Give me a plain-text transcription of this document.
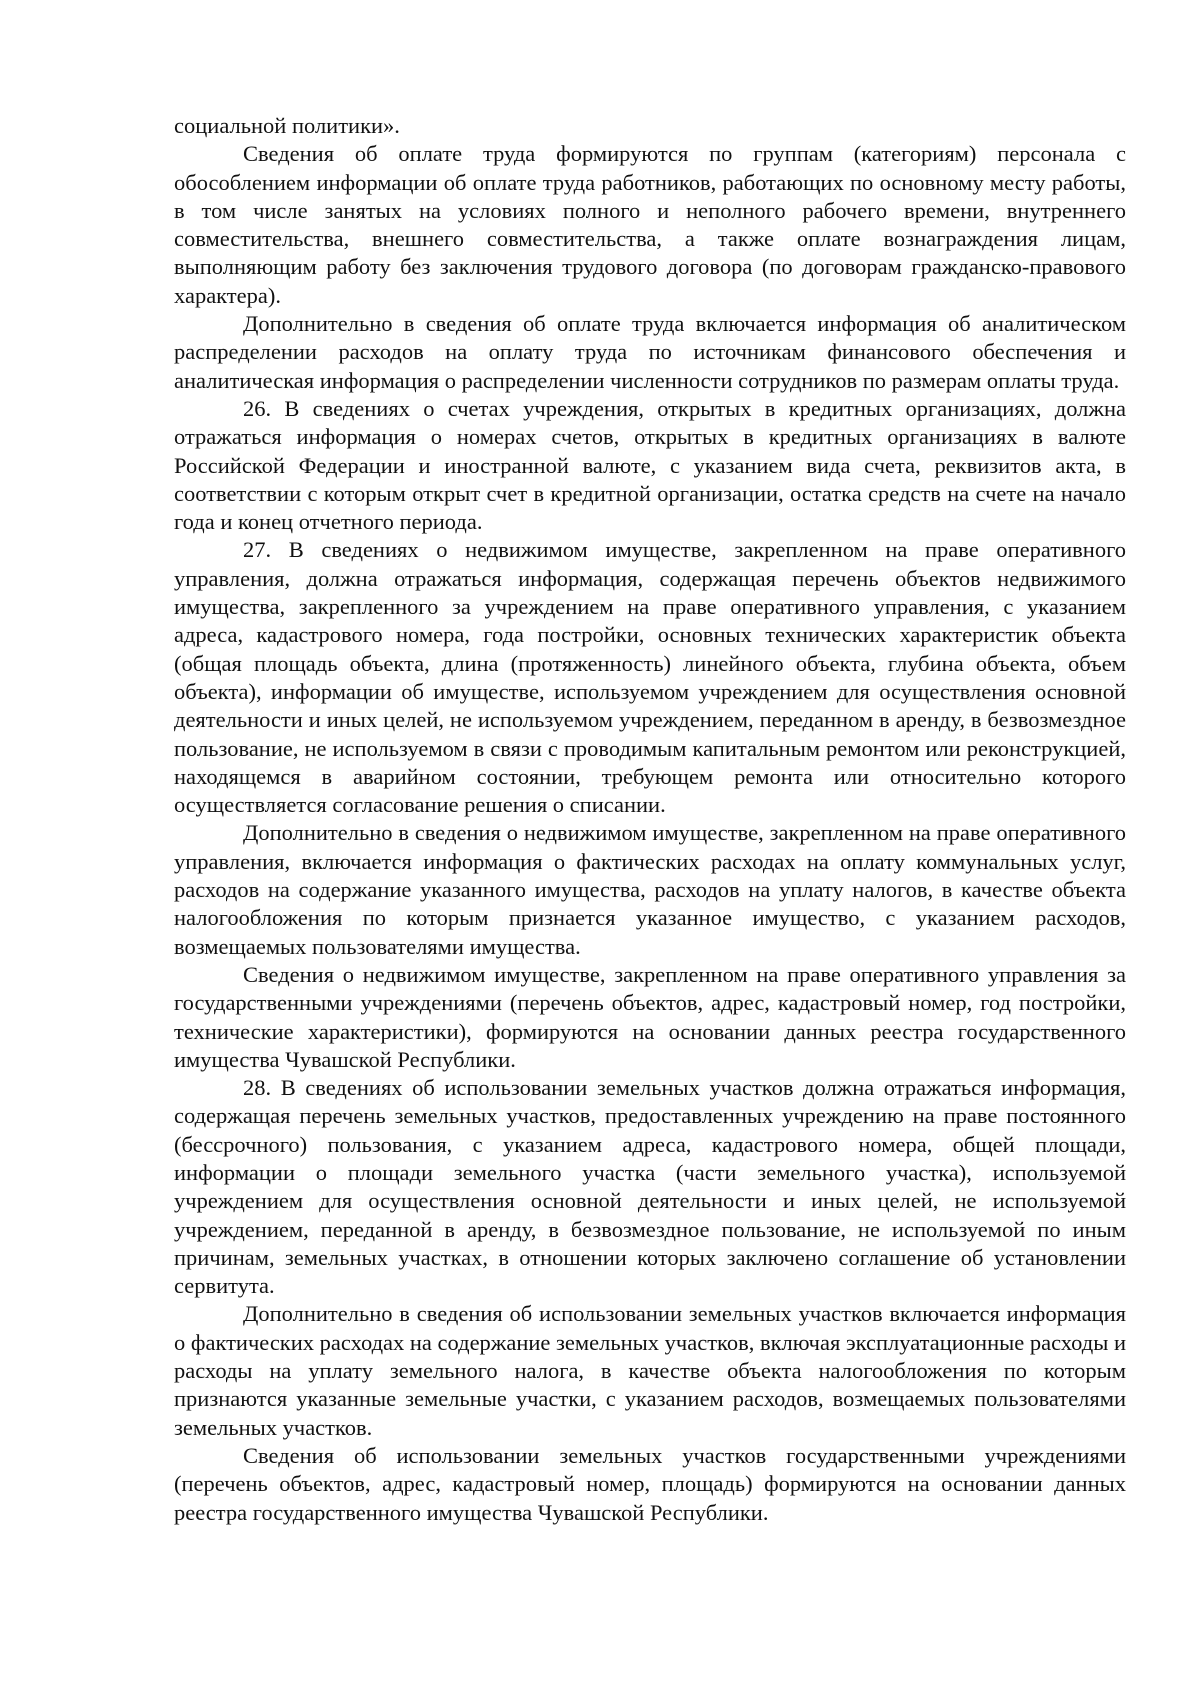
социальной политики».

Сведения об оплате труда формируются по группам (категориям) персонала с обособлением информации об оплате труда работников, работающих по основному месту работы, в том числе занятых на условиях полного и неполного рабочего времени, внутреннего совместительства, внешнего совместительства, а также оплате вознаграждения лицам, выполняющим работу без заключения трудового договора (по договорам гражданско-правового характера).

Дополнительно в сведения об оплате труда включается информация об аналитическом распределении расходов на оплату труда по источникам финансового обеспечения и аналитическая информация о распределении численности сотрудников по размерам оплаты труда.

26. В сведениях о счетах учреждения, открытых в кредитных организациях, должна отражаться информация о номерах счетов, открытых в кредитных организациях в валюте Российской Федерации и иностранной валюте, с указанием вида счета, реквизитов акта, в соответствии с которым открыт счет в кредитной организации, остатка средств на счете на начало года и конец отчетного периода.

27. В сведениях о недвижимом имуществе, закрепленном на праве оперативного управления, должна отражаться информация, содержащая перечень объектов недвижимого имущества, закрепленного за учреждением на праве оперативного управления, с указанием адреса, кадастрового номера, года постройки, основных технических характеристик объекта (общая площадь объекта, длина (протяженность) линейного объекта, глубина объекта, объем объекта), информации об имуществе, используемом учреждением для осуществления основной деятельности и иных целей, не используемом учреждением, переданном в аренду, в безвозмездное пользование, не используемом в связи с проводимым капитальным ремонтом или реконструкцией, находящемся в аварийном состоянии, требующем ремонта или относительно которого осуществляется согласование решения о списании.

Дополнительно в сведения о недвижимом имуществе, закрепленном на праве оперативного управления, включается информация о фактических расходах на оплату коммунальных услуг, расходов на содержание указанного имущества, расходов на уплату налогов, в качестве объекта налогообложения по которым признается указанное имущество, с указанием расходов, возмещаемых пользователями имущества.

Сведения о недвижимом имуществе, закрепленном на праве оперативного управления за государственными учреждениями (перечень объектов, адрес, кадастровый номер, год постройки, технические характеристики), формируются на основании данных реестра государственного имущества Чувашской Республики.

28. В сведениях об использовании земельных участков должна отражаться информация, содержащая перечень земельных участков, предоставленных учреждению на праве постоянного (бессрочного) пользования, с указанием адреса, кадастрового номера, общей площади, информации о площади земельного участка (части земельного участка), используемой учреждением для осуществления основной деятельности и иных целей, не используемой учреждением, переданной в аренду, в безвозмездное пользование, не используемой по иным причинам, земельных участках, в отношении которых заключено соглашение об установлении сервитута.

Дополнительно в сведения об использовании земельных участков включается информация о фактических расходах на содержание земельных участков, включая эксплуатационные расходы и расходы на уплату земельного налога, в качестве объекта налогообложения по которым признаются указанные земельные участки, с указанием расходов, возмещаемых пользователями земельных участков.

Сведения об использовании земельных участков государственными учреждениями (перечень объектов, адрес, кадастровый номер, площадь) формируются на основании данных реестра государственного имущества Чувашской Республики.
